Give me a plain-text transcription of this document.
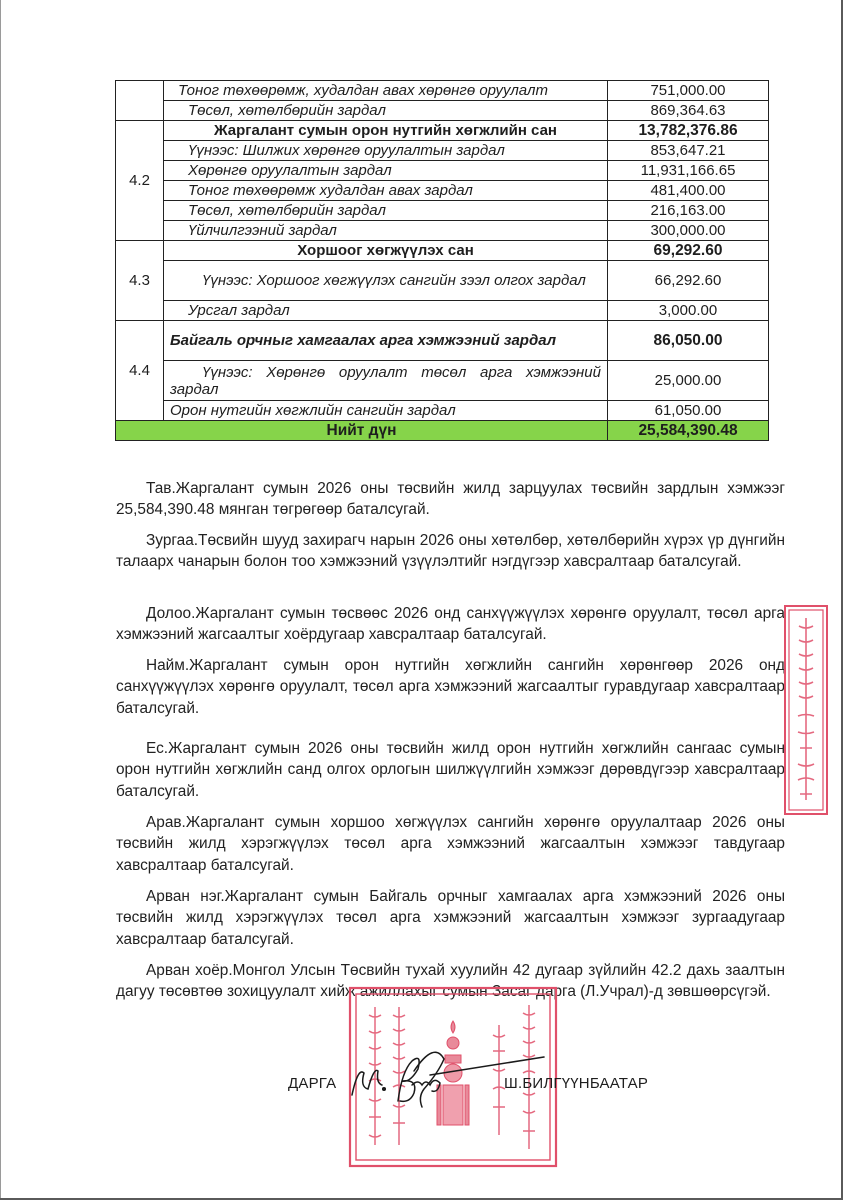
	Тоног төхөөрөмж, худалдан авах хөрөнгө оруулалт	751,000.00
	Төсөл, хөтөлбөрийн зардал	869,364.63
4.2	Жаргалант сумын орон нутгийн хөгжлийн сан	13,782,376.86
	Үүнээс: Шилжих хөрөнгө оруулалтын зардал	853,647.21
	Хөрөнгө оруулалтын зардал	11,931,166.65
	Тоног төхөөрөмж худалдан авах зардал	481,400.00
	Төсөл, хөтөлбөрийн зардал	216,163.00
	Үйлчилгээний зардал	300,000.00
4.3	Хоршоог хөгжүүлэх сан	69,292.60
	Үүнээс: Хоршоог хөгжүүлэх сангийн зээл олгох зардал	66,292.60
	Урсгал зардал	3,000.00
4.4	Байгаль орчныг хамгаалах арга хэмжээний зардал	86,050.00
	Үүнээс: Хөрөнгө оруулалт төсөл арга хэмжээний зардал	25,000.00
	Орон нутгийн хөгжлийн сангийн зардал	61,050.00
Нийт дүн		25,584,390.48

Тав.Жаргалант сумын 2026 оны төсвийн жилд зарцуулах төсвийн зардлын хэмжээг 25,584,390.48 мянган төгрөгөөр баталсугай.

Зургаа.Төсвийн шууд захирагч нарын 2026 оны хөтөлбөр, хөтөлбөрийн хүрэх үр дүнгийн талаарх чанарын болон тоо хэмжээний үзүүлэлтийг нэгдүгээр хавсралтаар баталсугай.

Долоо.Жаргалант сумын төсвөөс 2026 онд санхүүжүүлэх хөрөнгө оруулалт, төсөл арга хэмжээний жагсаалтыг хоёрдугаар хавсралтаар баталсугай.

Найм.Жаргалант сумын орон нутгийн хөгжлийн сангийн хөрөнгөөр 2026 онд санхүүжүүлэх хөрөнгө оруулалт, төсөл арга хэмжээний жагсаалтыг гуравдугаар хавсралтаар баталсугай.

Ес.Жаргалант сумын 2026 оны төсвийн жилд орон нутгийн хөгжлийн сангаас сумын орон нутгийн хөгжлийн санд олгох орлогын шилжүүлгийн хэмжээг дөрөвдүгээр хавсралтаар баталсугай.

Арав.Жаргалант сумын хоршоо хөгжүүлэх сангийн хөрөнгө оруулалтаар 2026 оны төсвийн жилд хэрэгжүүлэх төсөл арга хэмжээний жагсаалтын хэмжээг тавдугаар хавсралтаар баталсугай.

Арван нэг.Жаргалант сумын Байгаль орчныг хамгаалах арга хэмжээний 2026 оны төсвийн жилд хэрэгжүүлэх төсөл арга хэмжээний жагсаалтын хэмжээг зургаадугаар хавсралтаар баталсугай.

Арван хоёр.Монгол Улсын Төсвийн тухай хуулийн 42 дугаар зүйлийн 42.2 дахь заалтын дагуу төсөвтөө зохицуулалт хийж ажиллахыг сумын Засаг дарга (Л.Учрал)-д зөвшөөрсүгэй.

ДАРГА	Ш.БИЛГҮҮНБААТАР
